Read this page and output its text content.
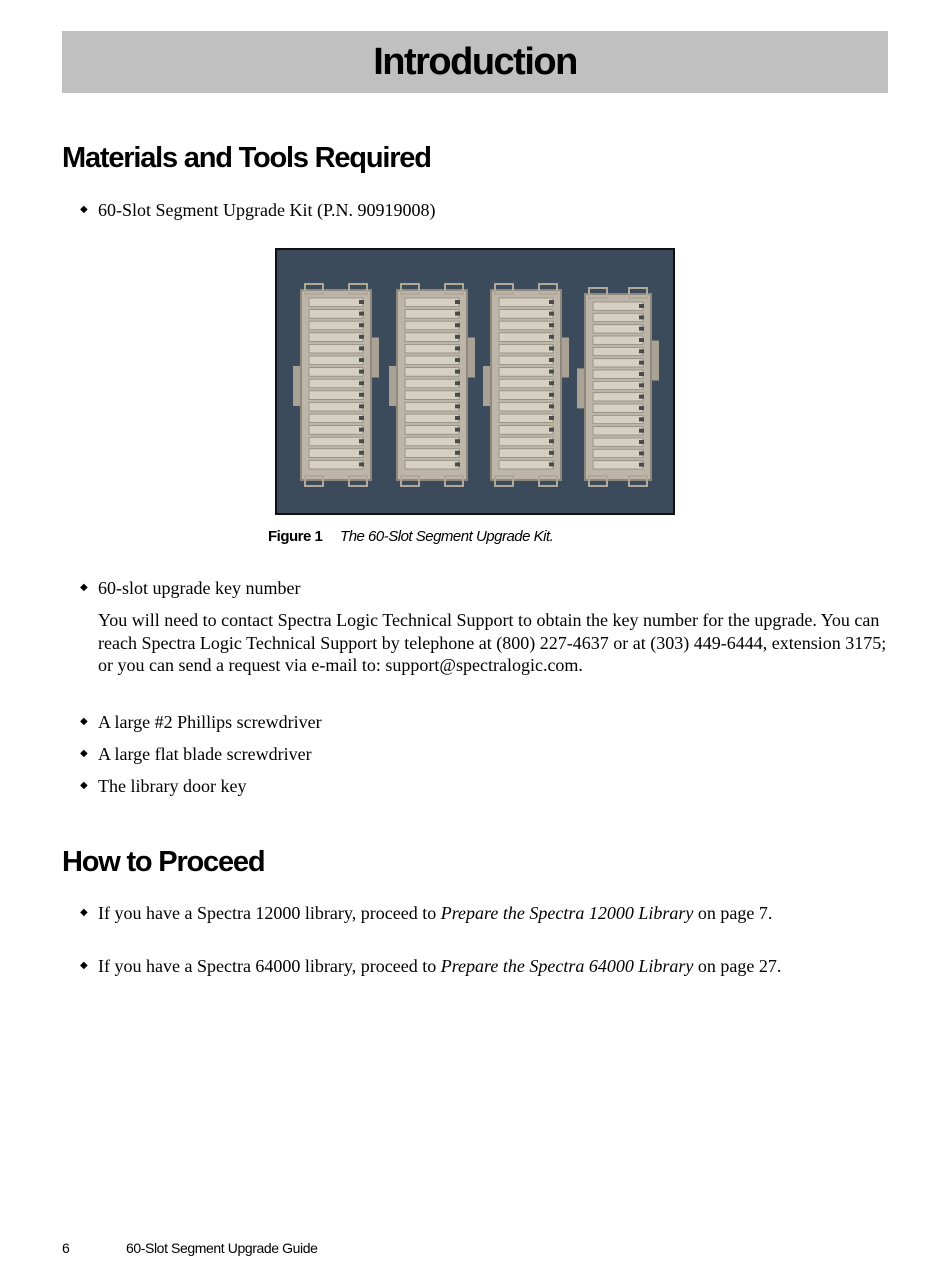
Introduction
Materials and Tools Required
◆ 60-Slot Segment Upgrade Kit (P.N. 90919008)
Figure 1 The 60-Slot Segment Upgrade Kit.
◆ 60-slot upgrade key number
You will need to contact Spectra Logic Technical Support to obtain the key number for the upgrade. You can reach Spectra Logic Technical Support by telephone at (800) 227-4637 or at (303) 449-6444, extension 3175; or you can send a request via e-mail to: support@spectralogic.com.
◆ A large #2 Phillips screwdriver
◆ A large flat blade screwdriver
◆ The library door key
How to Proceed
◆ If you have a Spectra 12000 library, proceed to Prepare the Spectra 12000 Library on page 7.
◆ If you have a Spectra 64000 library, proceed to Prepare the Spectra 64000 Library on page 27.
6	60-Slot Segment Upgrade Guide
